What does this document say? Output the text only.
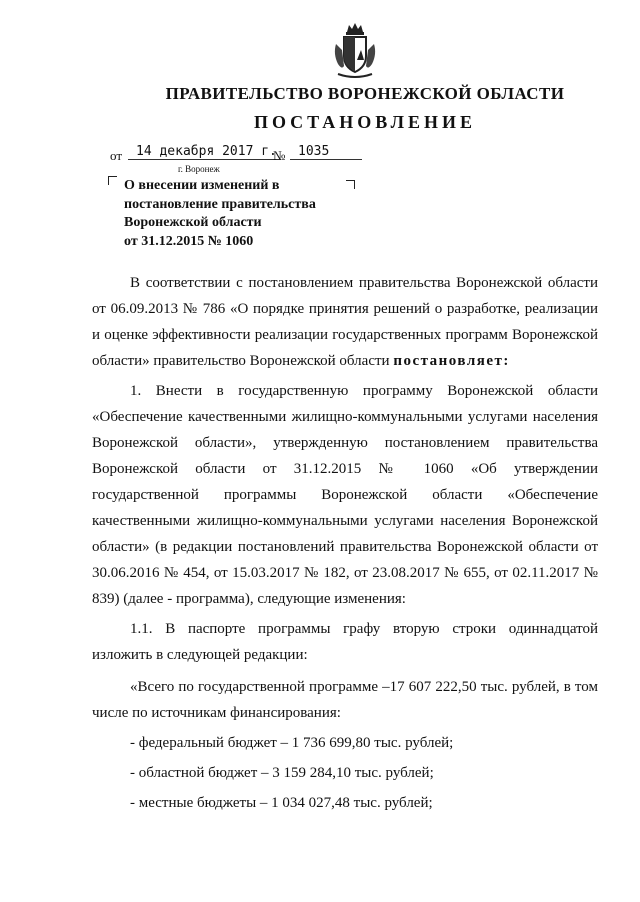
ПРАВИТЕЛЬСТВО ВОРОНЕЖСКОЙ ОБЛАСТИ
ПОСТАНОВЛЕНИЕ
от	14 декабря 2017 г.
№ 1035
г. Воронеж
О внесении изменений в
постановление правительства
Воронежской области
от 31.12.2015 № 1060

В соответствии с постановлением правительства Воронежской области от 06.09.2013 № 786 «О порядке принятия решений о разработке, реализации и оценке эффективности реализации государственных программ Воронежской области» правительство Воронежской области постановляет:

1. Внести в государственную программу Воронежской области «Обеспечение качественными жилищно-коммунальными услугами населения Воронежской области», утвержденную постановлением правительства Воронежской области от 31.12.2015 № 1060 «Об утверждении государственной программы Воронежской области «Обеспечение качественными жилищно-коммунальными услугами населения Воронежской области» (в редакции постановлений правительства Воронежской области от 30.06.2016 № 454, от 15.03.2017 № 182, от 23.08.2017 № 655, от 02.11.2017 № 839) (далее - программа), следующие изменения:

1.1. В паспорте программы графу вторую строки одиннадцатой изложить в следующей редакции:

«Всего по государственной программе –17 607 222,50 тыс. рублей, в том числе по источникам финансирования:

- федеральный бюджет – 1 736 699,80 тыс. рублей;

- областной бюджет – 3 159 284,10 тыс. рублей;

- местные бюджеты – 1 034 027,48 тыс. рублей;
